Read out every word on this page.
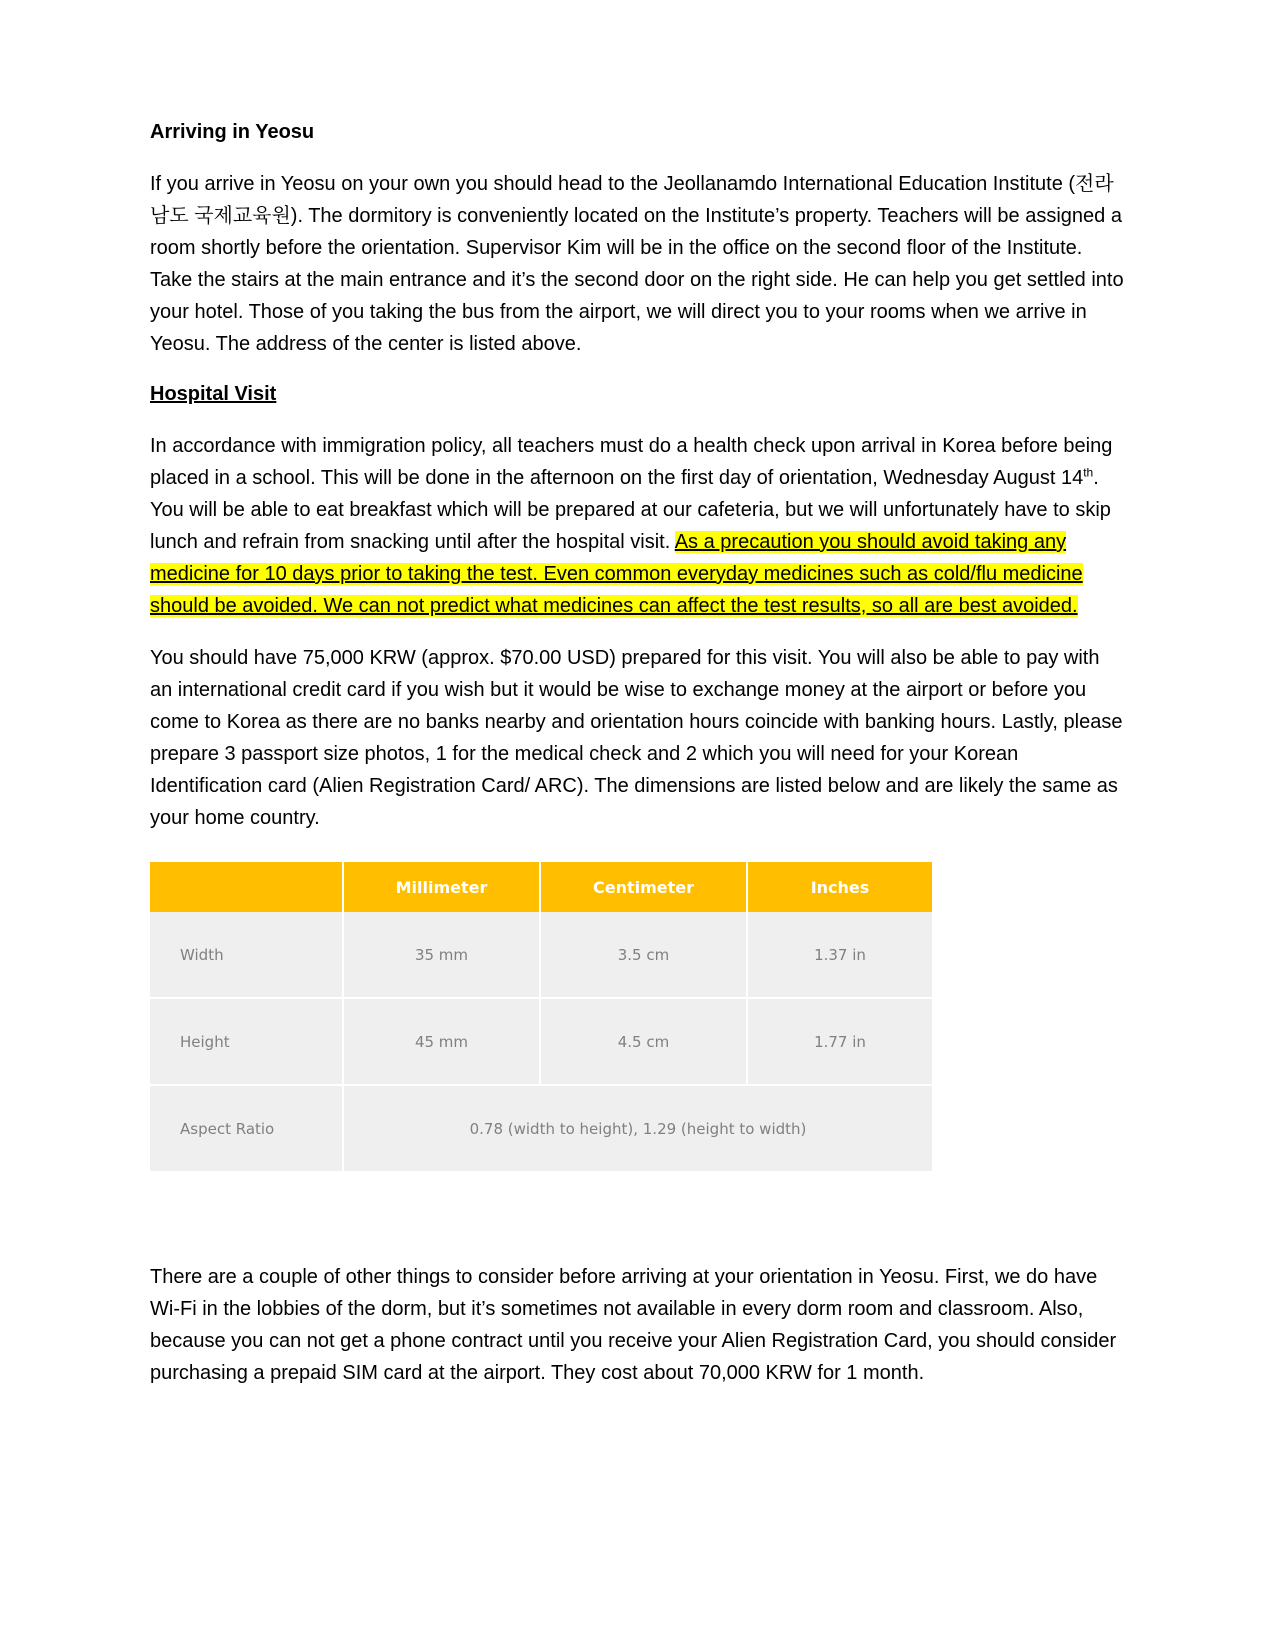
Arriving in Yeosu

If you arrive in Yeosu on your own you should head to the Jeollanamdo International Education Institute (전라남도 국제교육원). The dormitory is conveniently located on the Institute’s property. Teachers will be assigned a room shortly before the orientation. Supervisor Kim will be in the office on the second floor of the Institute. Take the stairs at the main entrance and it’s the second door on the right side. He can help you get settled into your hotel. Those of you taking the bus from the airport, we will direct you to your rooms when we arrive in Yeosu. The address of the center is listed above.

Hospital Visit

In accordance with immigration policy, all teachers must do a health check upon arrival in Korea before being placed in a school. This will be done in the afternoon on the first day of orientation, Wednesday August 14th. You will be able to eat breakfast which will be prepared at our cafeteria, but we will unfortunately have to skip lunch and refrain from snacking until after the hospital visit. As a precaution you should avoid taking any medicine for 10 days prior to taking the test. Even common everyday medicines such as cold/flu medicine should be avoided. We can not predict what medicines can affect the test results, so all are best avoided.

You should have 75,000 KRW (approx. $70.00 USD) prepared for this visit. You will also be able to pay with an international credit card if you wish but it would be wise to exchange money at the airport or before you come to Korea as there are no banks nearby and orientation hours coincide with banking hours. Lastly, please prepare 3 passport size photos, 1 for the medical check and 2 which you will need for your Korean Identification card (Alien Registration Card/ ARC). The dimensions are listed below and are likely the same as your home country.

	Millimeter	Centimeter	Inches
Width	35 mm	3.5 cm	1.37 in
Height	45 mm	4.5 cm	1.77 in
Aspect Ratio	0.78 (width to height), 1.29 (height to width)		

There are a couple of other things to consider before arriving at your orientation in Yeosu. First, we do have Wi-Fi in the lobbies of the dorm, but it’s sometimes not available in every dorm room and classroom. Also, because you can not get a phone contract until you receive your Alien Registration Card, you should consider purchasing a prepaid SIM card at the airport. They cost about 70,000 KRW for 1 month.
